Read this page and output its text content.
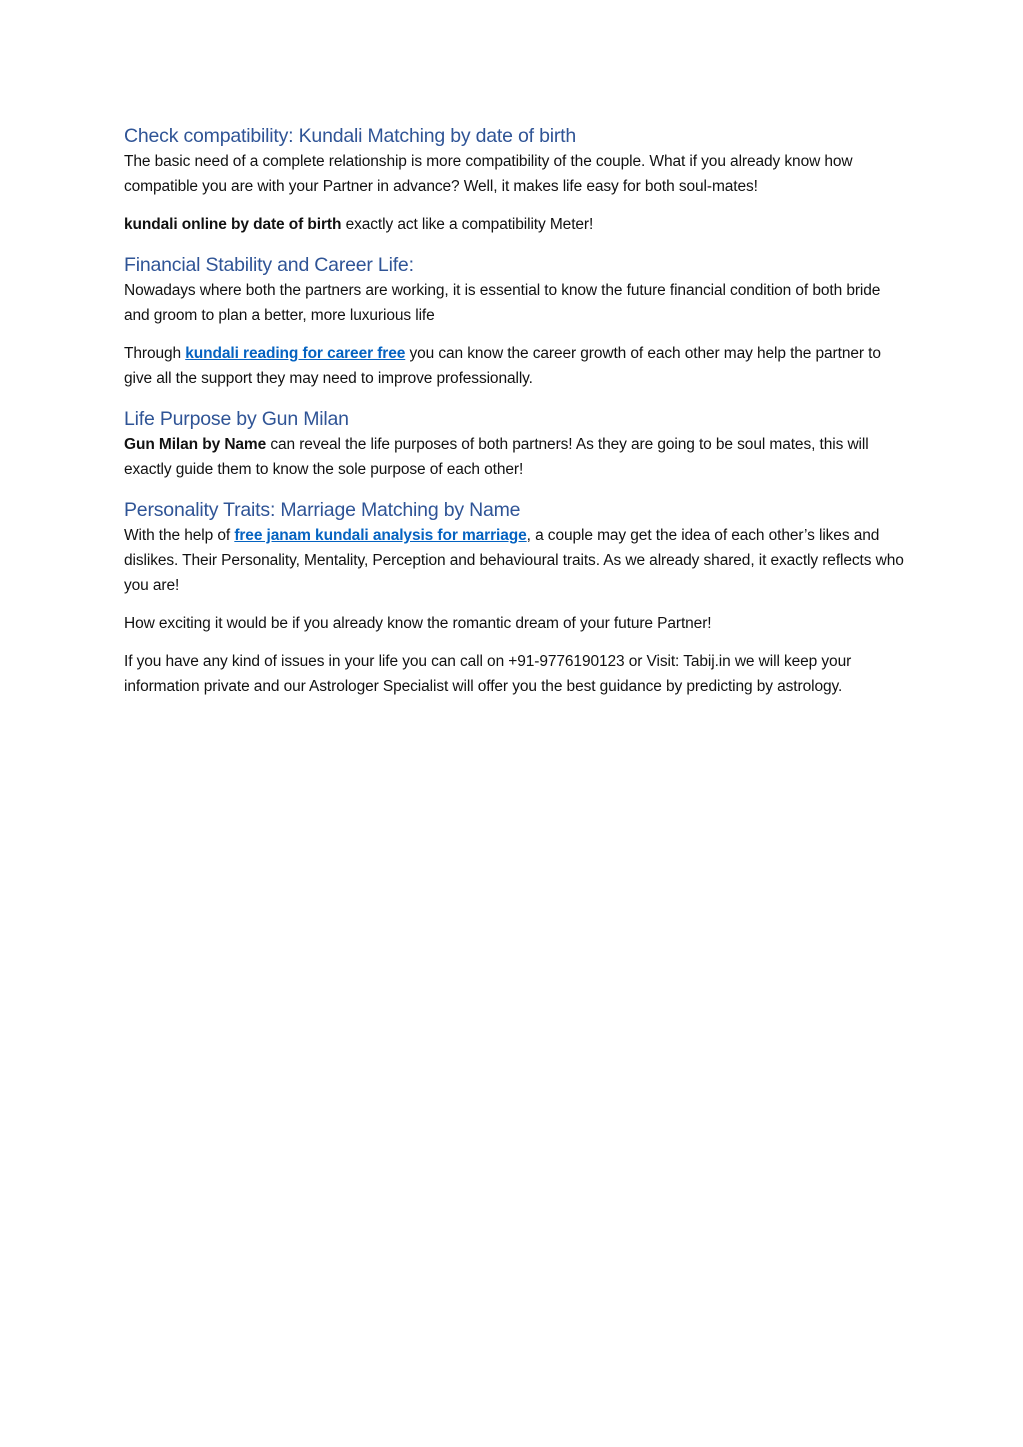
Check compatibility: Kundali Matching by date of birth

The basic need of a complete relationship is more compatibility of the couple. What if you already know how compatible you are with your Partner in advance? Well, it makes life easy for both soul-mates!

kundali online by date of birth exactly act like a compatibility Meter!

Financial Stability and Career Life:

Nowadays where both the partners are working, it is essential to know the future financial condition of both bride and groom to plan a better, more luxurious life

Through kundali reading for career free you can know the career growth of each other may help the partner to give all the support they may need to improve professionally.

Life Purpose by Gun Milan

Gun Milan by Name can reveal the life purposes of both partners! As they are going to be soul mates, this will exactly guide them to know the sole purpose of each other!

Personality Traits: Marriage Matching by Name

With the help of free janam kundali analysis for marriage, a couple may get the idea of each other’s likes and dislikes. Their Personality, Mentality, Perception and behavioural traits. As we already shared, it exactly reflects who you are!

How exciting it would be if you already know the romantic dream of your future Partner!

If you have any kind of issues in your life you can call on +91-9776190123 or Visit: Tabij.in we will keep your information private and our Astrologer Specialist will offer you the best guidance by predicting by astrology.
